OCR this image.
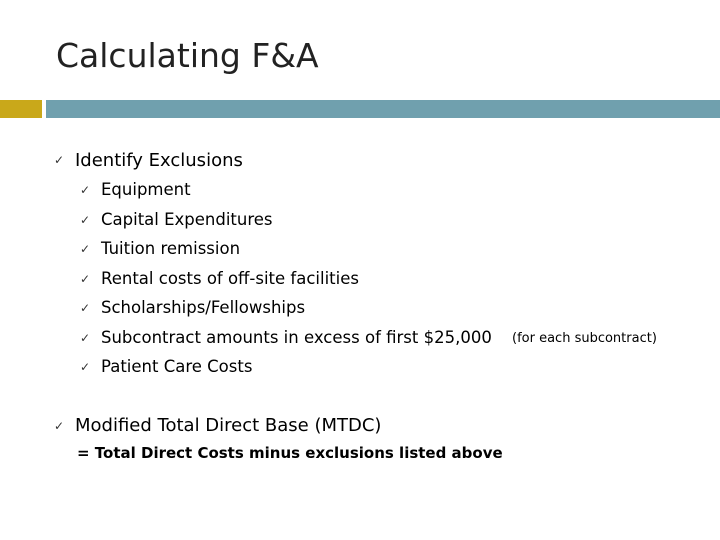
Calculating F&A
✓ Identify Exclusions
✓ Equipment
✓ Capital Expenditures
✓ Tuition remission
✓ Rental costs of off-site facilities
✓ Scholarships/Fellowships
✓ Subcontract amounts in excess of first $25,000 (for each subcontract)
✓ Patient Care Costs
✓ Modified Total Direct Base (MTDC)
= Total Direct Costs minus exclusions listed above
